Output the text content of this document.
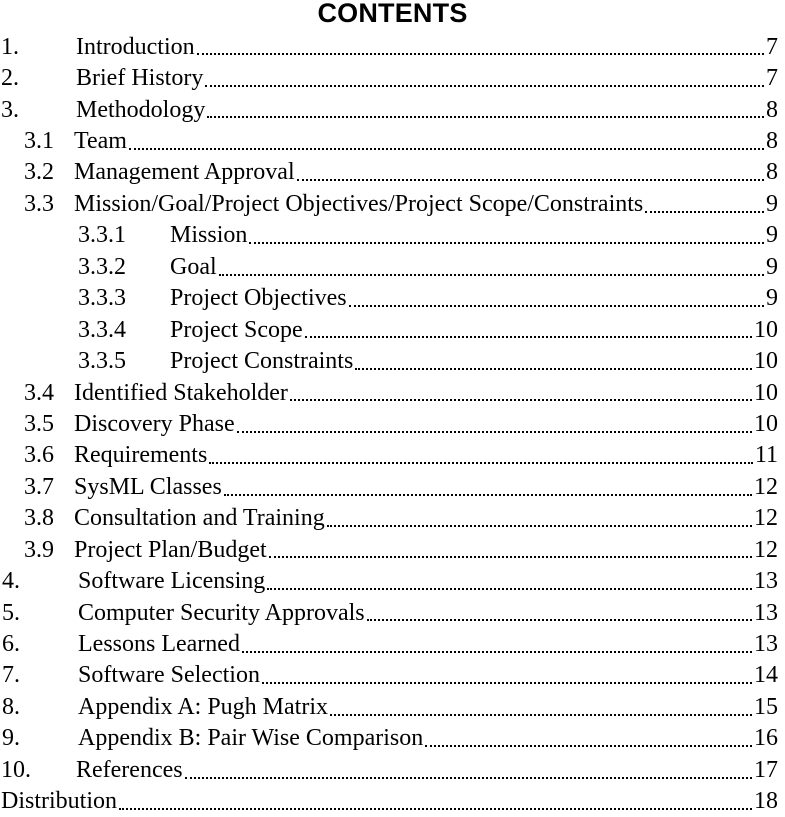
CONTENTS
1.	Introduction	7
2.	Brief History	7
3.	Methodology	8
3.1 Team	8
3.2 Management Approval	8
3.3 Mission/Goal/Project Objectives/Project Scope/Constraints	9
3.3.1	Mission	9
3.3.2	Goal	9
3.3.3	Project Objectives	9
3.3.4	Project Scope	10
3.3.5	Project Constraints	10
3.4 Identified Stakeholder	10
3.5 Discovery Phase	10
3.6 Requirements	11
3.7 SysML Classes	12
3.8 Consultation and Training	12
3.9 Project Plan/Budget	12
4.	Software Licensing	13
5.	Computer Security Approvals	13
6.	Lessons Learned	13
7.	Software Selection	14
8.	Appendix A: Pugh Matrix	15
9.	Appendix B: Pair Wise Comparison	16
10.	References	17
Distribution	18
